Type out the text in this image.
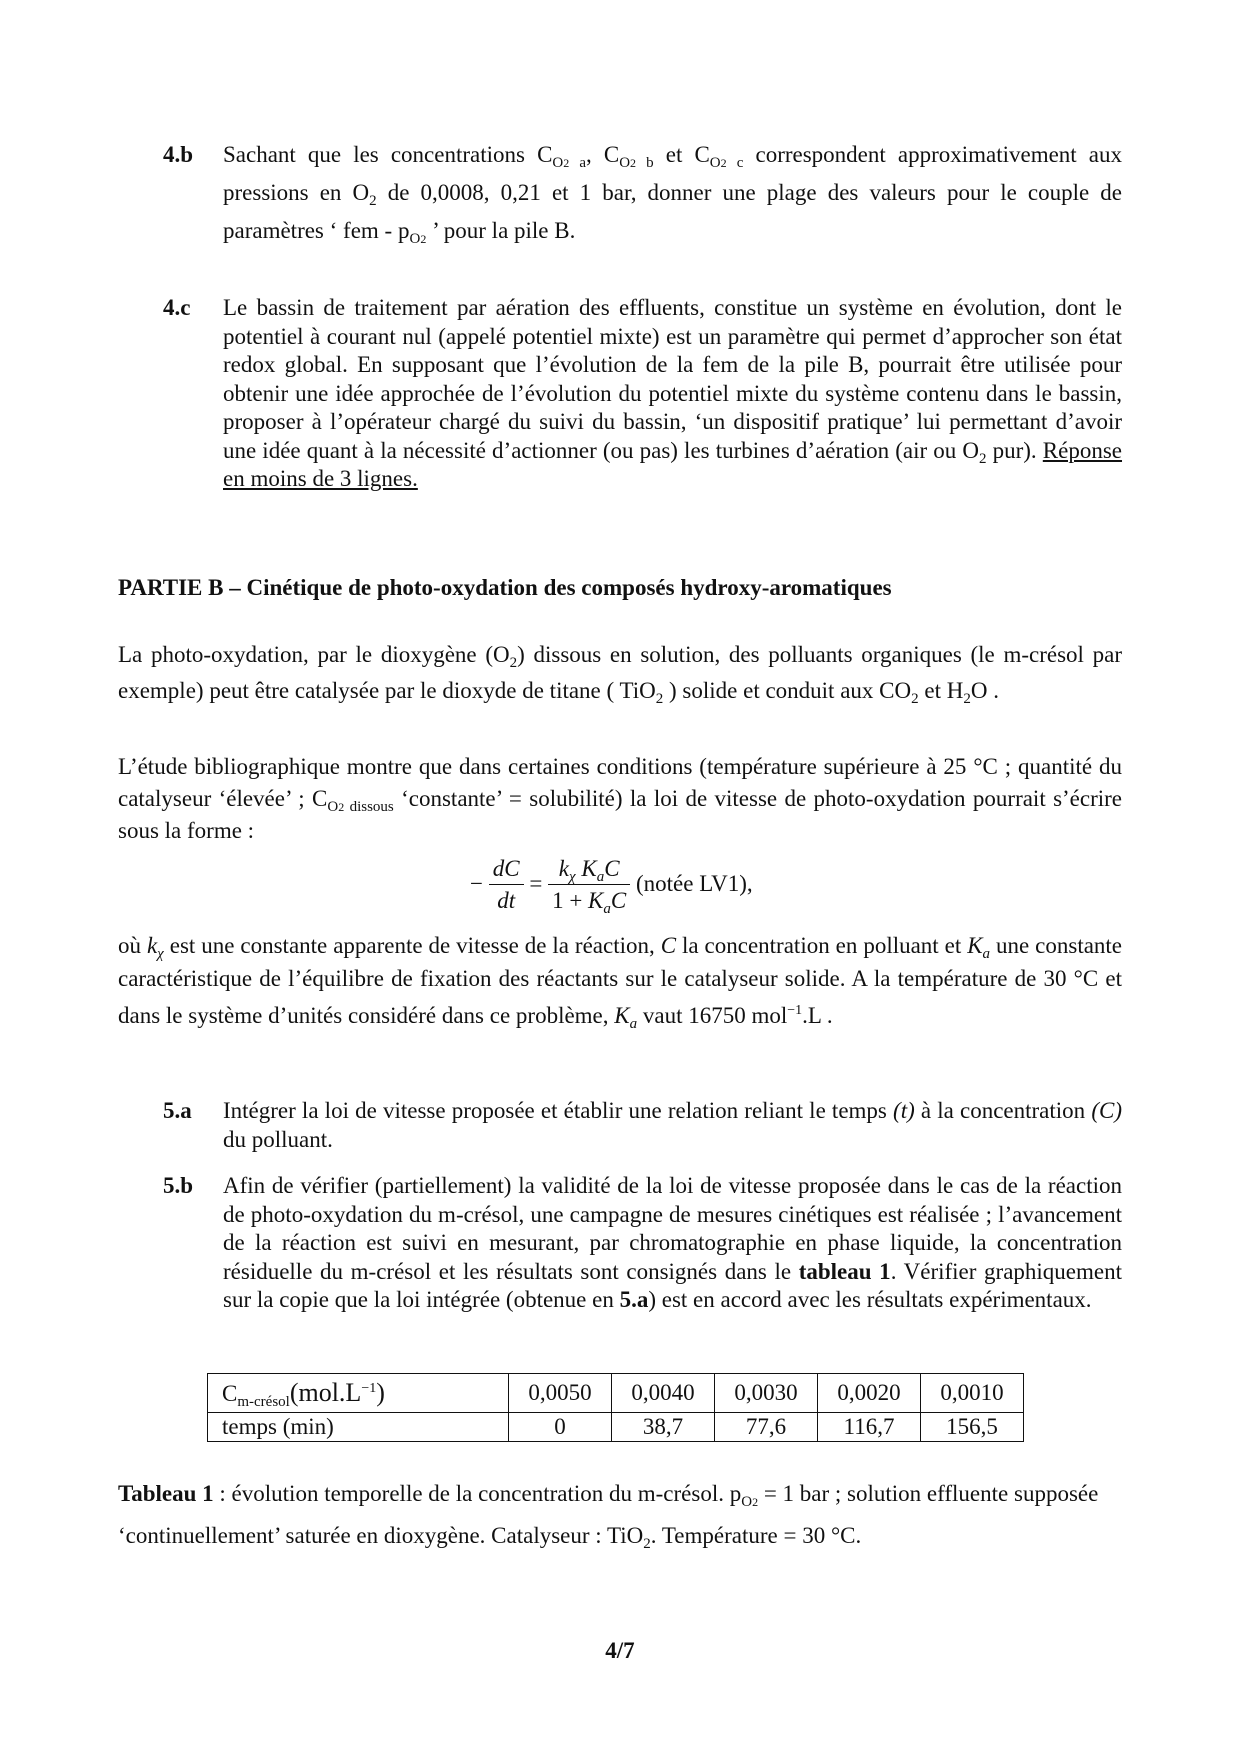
4.b Sachant que les concentrations $C_{O2 a}$, $C_{O2 b}$ et $C_{O2 c}$ correspondent approximativement aux pressions en $O_2$ de 0,0008, 0,21 et 1 bar, donner une plage des valeurs pour le couple de paramètres ‘ fem - $p_{O2}$ ’ pour la pile B.
4.c Le bassin de traitement par aération des effluents, constitue un système en évolution, dont le potentiel à courant nul (appelé potentiel mixte) est un paramètre qui permet d’approcher son état redox global. En supposant que l’évolution de la fem de la pile B, pourrait être utilisée pour obtenir une idée approchée de l’évolution du potentiel mixte du système contenu dans le bassin, proposer à l’opérateur chargé du suivi du bassin, ‘un dispositif pratique’ lui permettant d’avoir une idée quant à la nécessité d’actionner (ou pas) les turbines d’aération (air ou $O_2$ pur). Réponse en moins de 3 lignes.
PARTIE B – Cinétique de photo-oxydation des composés hydroxy-aromatiques
La photo-oxydation, par le dioxygène $(O_2)$ dissous en solution, des polluants organiques (le m-crésol par exemple) peut être catalysée par le dioxyde de titane ( TiO$_2$ ) solide et conduit aux $CO_2$ et $H_2O$ .
L’étude bibliographique montre que dans certaines conditions (température supérieure à 25 °C ; quantité du catalyseur ‘élevée’ ; $C_{O2 dissous}$ ‘constante’ = solubilité) la loi de vitesse de photo-oxydation pourrait s’écrire sous la forme :
− $\frac{dC}{dt} = \frac{k_\chi K_aC}{1 + K_aC}$ (notée LV1),
où $k_\chi$ est une constante apparente de vitesse de la réaction, C la concentration en polluant et $K_a$ une constante caractéristique de l’équilibre de fixation des réactants sur le catalyseur solide. A la température de 30 °C et dans le système d’unités considéré dans ce problème, $K_a$ vaut 16750 mol$^{-1}$.L .
5.a Intégrer la loi de vitesse proposée et établir une relation reliant le temps (t) à la concentration (C) du polluant.
5.b Afin de vérifier (partiellement) la validité de la loi de vitesse proposée dans le cas de la réaction de photo-oxydation du m-crésol, une campagne de mesures cinétiques est réalisée ; l’avancement de la réaction est suivi en mesurant, par chromatographie en phase liquide, la concentration résiduelle du m-crésol et les résultats sont consignés dans le tableau 1. Vérifier graphiquement sur la copie que la loi intégrée (obtenue en 5.a) est en accord avec les résultats expérimentaux.
$C_{m-crésol}(mol.L^{-1})$	0,0050	0,0040	0,0030	0,0020	0,0010
temps (min)	0	38,7	77,6	116,7	156,5
Tableau 1 : évolution temporelle de la concentration du m-crésol. $p_{O2} = 1$ bar ; solution effluente supposée ‘continuellement’ saturée en dioxygène. Catalyseur : TiO$_2$. Température = 30 °C.
4/7
